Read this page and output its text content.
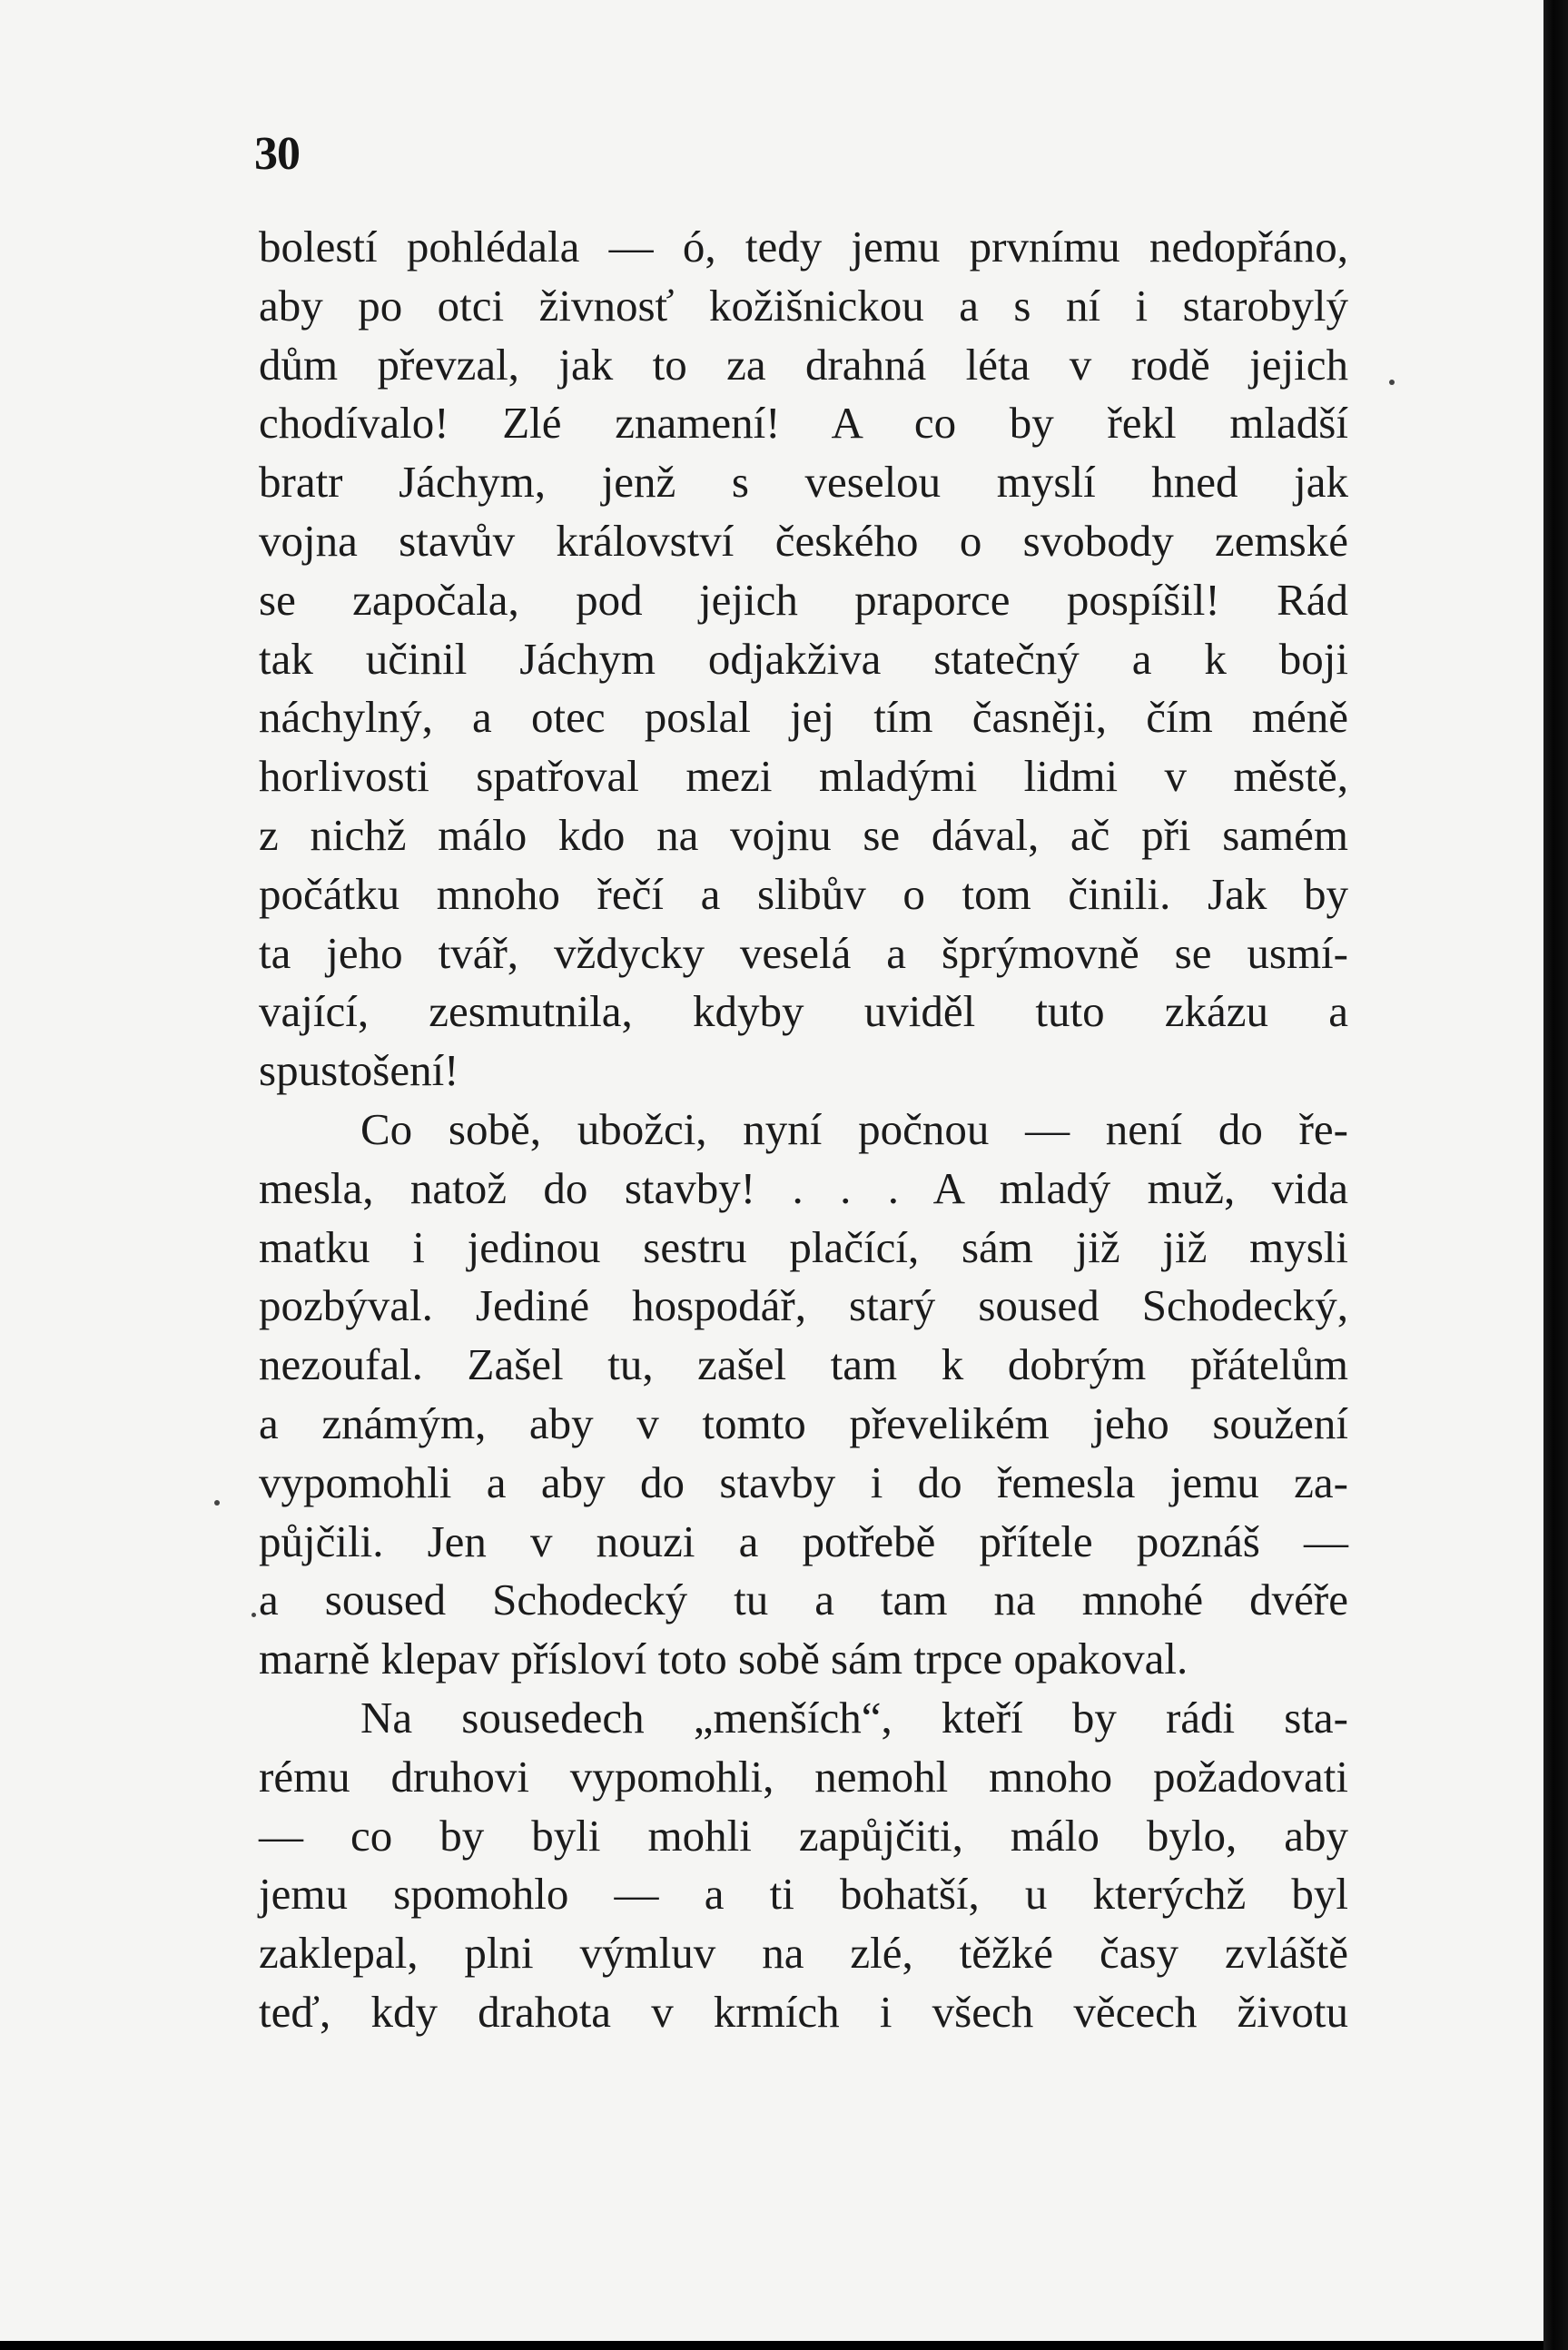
30
bolestí pohlédala — ó, tedy jemu prvnímu nedopřáno,
aby po otci živnosť kožišnickou a s ní i starobylý
dům převzal, jak to za drahná léta v rodě jejich
chodívalo! Zlé znamení! A co by řekl mladší
bratr Jáchym, jenž s veselou myslí hned jak
vojna stavův království českého o svobody zemské
se započala, pod jejich praporce pospíšil! Rád
tak učinil Jáchym odjakživa statečný a k boji
náchylný, a otec poslal jej tím časněji, čím méně
horlivosti spatřoval mezi mladými lidmi v městě,
z nichž málo kdo na vojnu se dával, ač při samém
počátku mnoho řečí a slibův o tom činili. Jak by
ta jeho tvář, vždycky veselá a šprýmovně se usmí-
vající, zesmutnila, kdyby uviděl tuto zkázu a
spustošení!
Co sobě, ubožci, nyní počnou — není do ře-
mesla, natož do stavby! . . . A mladý muž, vida
matku i jedinou sestru plačící, sám již již mysli
pozbýval. Jediné hospodář, starý soused Schodecký,
nezoufal. Zašel tu, zašel tam k dobrým přátelům
a známým, aby v tomto převelikém jeho soužení
vypomohli a aby do stavby i do řemesla jemu za-
půjčili. Jen v nouzi a potřebě přítele poznáš —
a soused Schodecký tu a tam na mnohé dvéře
marně klepav přísloví toto sobě sám trpce opakoval.
Na sousedech „menších“, kteří by rádi sta-
rému druhovi vypomohli, nemohl mnoho požadovati
— co by byli mohli zapůjčiti, málo bylo, aby
jemu spomohlo — a ti bohatší, u kterýchž byl
zaklepal, plni výmluv na zlé, těžké časy zvláště
teď, kdy drahota v krmích i všech věcech životu
